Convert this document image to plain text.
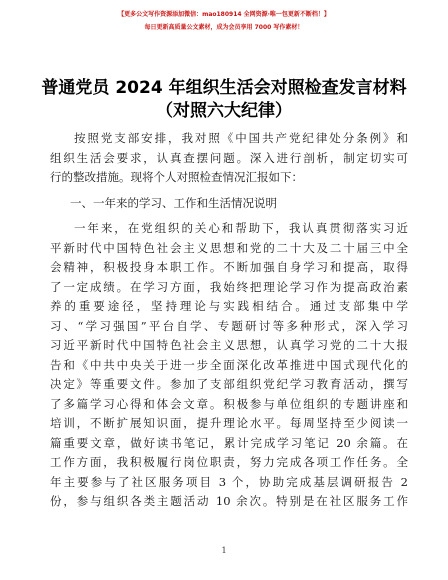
【更多公文写作资源添加微信：mao180914 全网资源·唯一包更新不断档！】
每日更新高质量公文素材，成为会员享用 7000 写作素材！
普通党员 2024 年组织生活会对照检查发言材料
（对照六大纪律）
按照党支部安排，我对照《中国共产党纪律处分条例》和
组织生活会要求，认真查摆问题。深入进行剖析，制定切实可
行的整改措施。现将个人对照检查情况汇报如下：
一、一年来的学习、工作和生活情况说明
一年来，在党组织的关心和帮助下，我认真贯彻落实习近
平新时代中国特色社会主义思想和党的二十大及二十届三中全
会精神，积极投身本职工作。不断加强自身学习和提高，取得
了一定成绩。在学习方面，我始终把理论学习作为提高政治素
养的重要途径，坚持理论与实践相结合。通过支部集中学
习、“学习强国”平台自学、专题研讨等多种形式，深入学习
习近平新时代中国特色社会主义思想，认真学习党的二十大报
告和《中共中央关于进一步全面深化改革推进中国式现代化的
决定》等重要文件。参加了支部组织党纪学习教育活动，撰写
了多篇学习心得和体会文章。积极参与单位组织的专题讲座和
培训，不断扩展知识面，提升理论水平。每周坚持至少阅读一
篇重要文章，做好读书笔记，累计完成学习笔记 20 余篇。在
工作方面，我积极履行岗位职责，努力完成各项工作任务。全
年主要参与了社区服务项目 3 个，协助完成基层调研报告 2
份，参与组织各类主题活动 10 余次。特别是在社区服务工作
1
